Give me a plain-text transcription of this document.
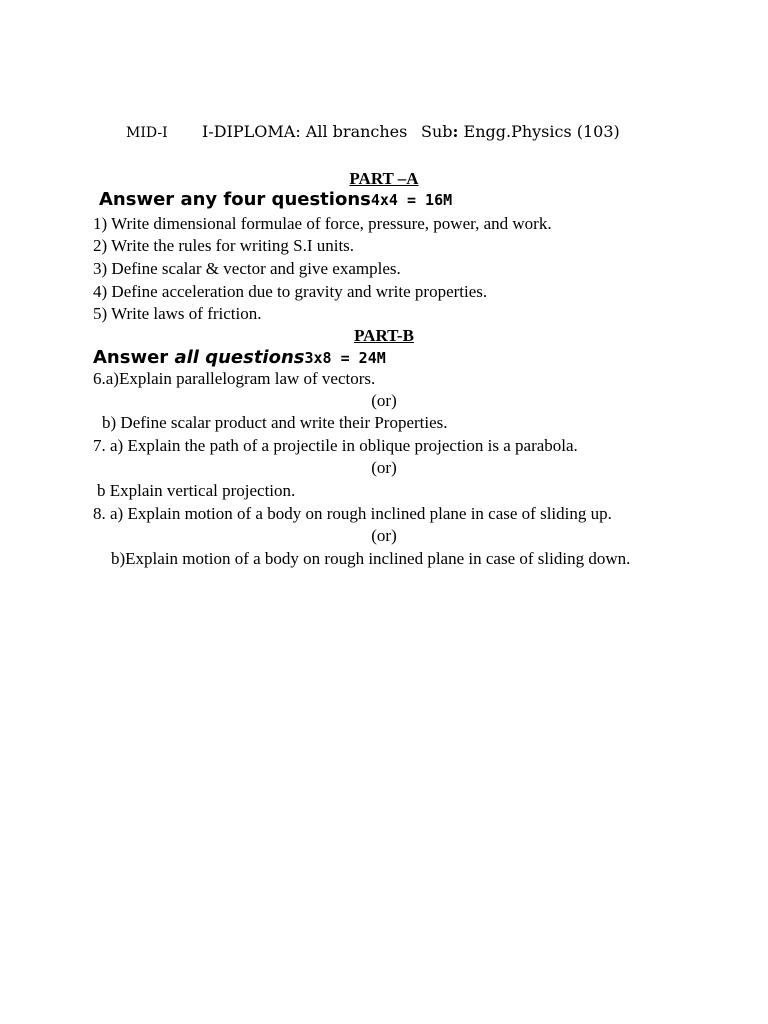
MID-I I-DIPLOMA: All branches Sub: Engg.Physics (103)
PART –A
Answer any four questions4x4 = 16M
1) Write dimensional formulae of force, pressure, power, and work.
2) Write the rules for writing S.I units.
3) Define scalar & vector and give examples.
4) Define acceleration due to gravity and write properties.
5) Write laws of friction.
PART-B
Answer all questions3x8 = 24M
6.a)Explain parallelogram law of vectors.
(or)
b) Define scalar product and write their Properties.
7. a) Explain the path of a projectile in oblique projection is a parabola.
(or)
b Explain vertical projection.
8. a) Explain motion of a body on rough inclined plane in case of sliding up.
(or)
b)Explain motion of a body on rough inclined plane in case of sliding down.
